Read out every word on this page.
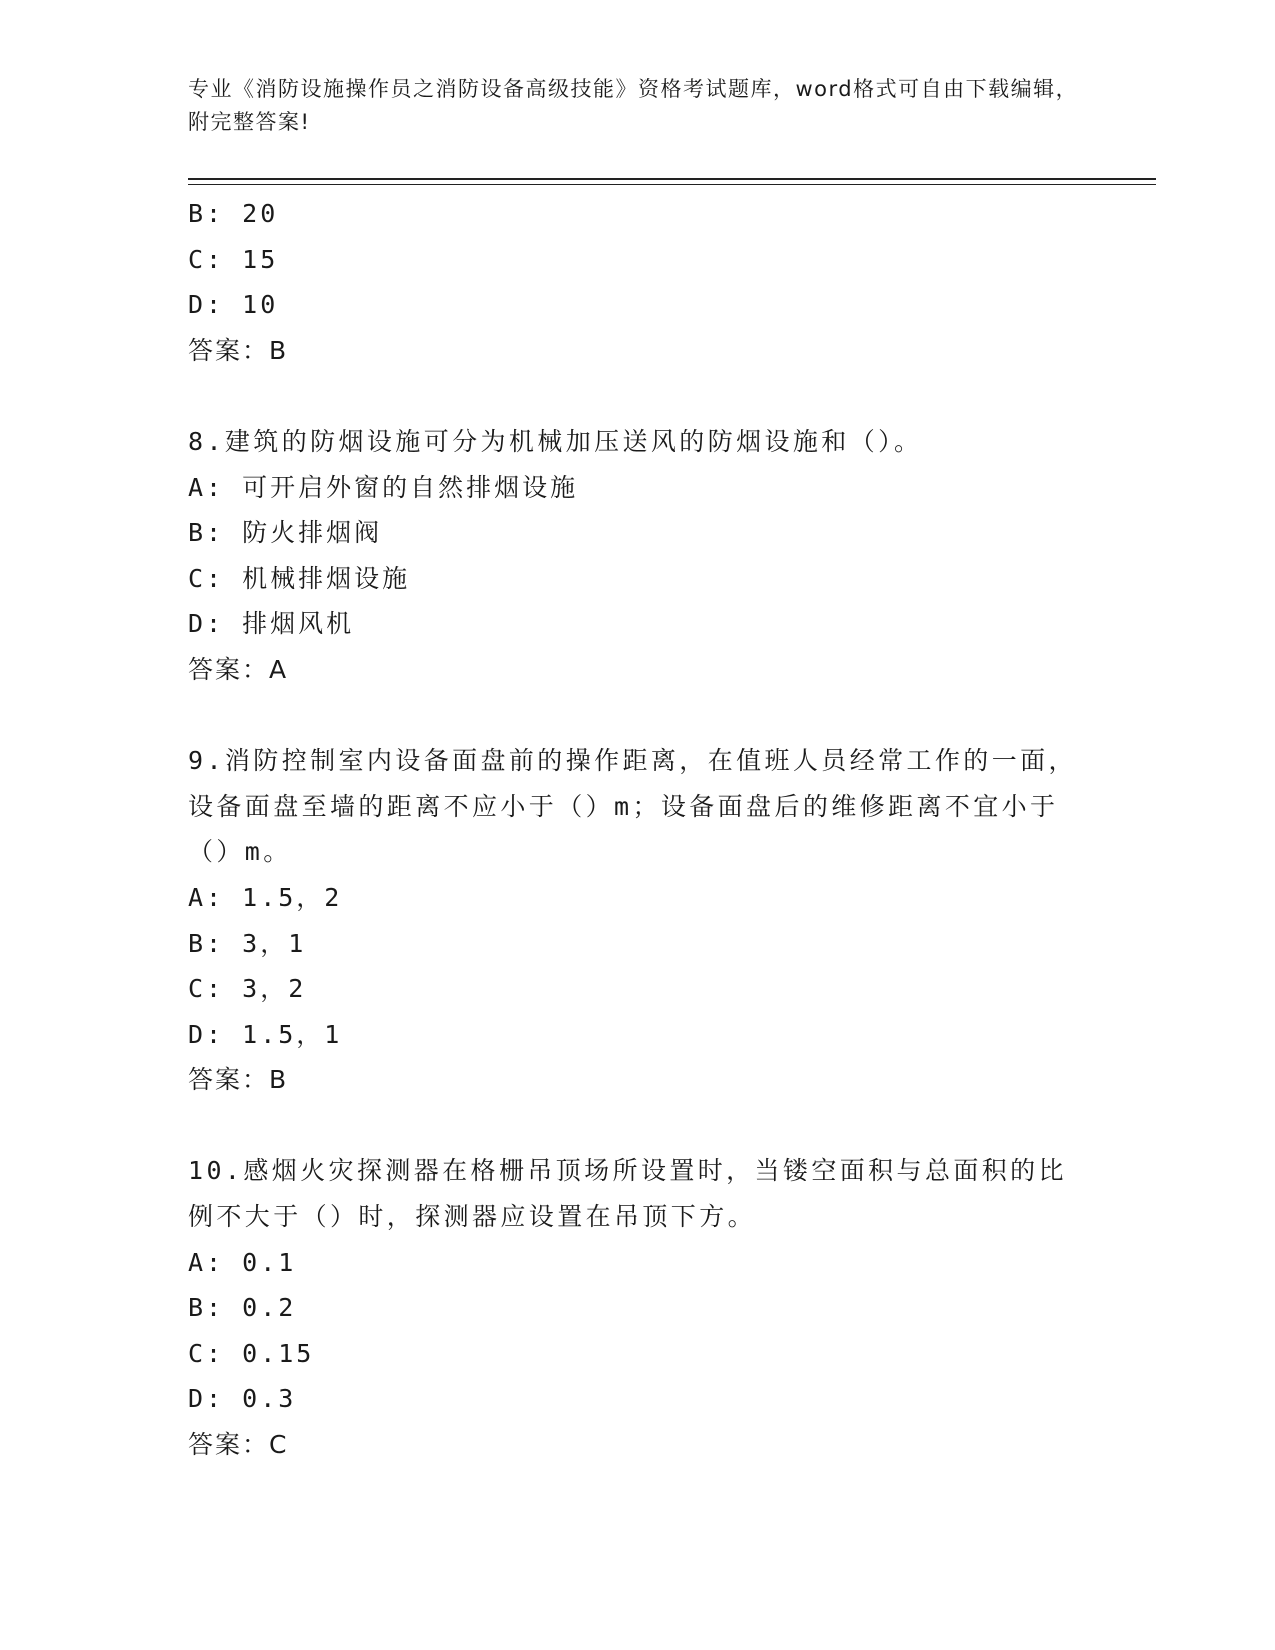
专业《消防设施操作员之消防设备高级技能》资格考试题库，word格式可自由下载编辑，附完整答案!
B: 20
C: 15
D: 10
答案：B
8.建筑的防烟设施可分为机械加压送风的防烟设施和（）。
A: 可开启外窗的自然排烟设施
B: 防火排烟阀
C: 机械排烟设施
D: 排烟风机
答案：A
9.消防控制室内设备面盘前的操作距离，在值班人员经常工作的一面，设备面盘至墙的距离不应小于（）m；设备面盘后的维修距离不宜小于（）m。
A: 1.5，2
B: 3，1
C: 3，2
D: 1.5，1
答案：B
10.感烟火灾探测器在格栅吊顶场所设置时，当镂空面积与总面积的比例不大于（）时，探测器应设置在吊顶下方。
A: 0.1
B: 0.2
C: 0.15
D: 0.3
答案：C
